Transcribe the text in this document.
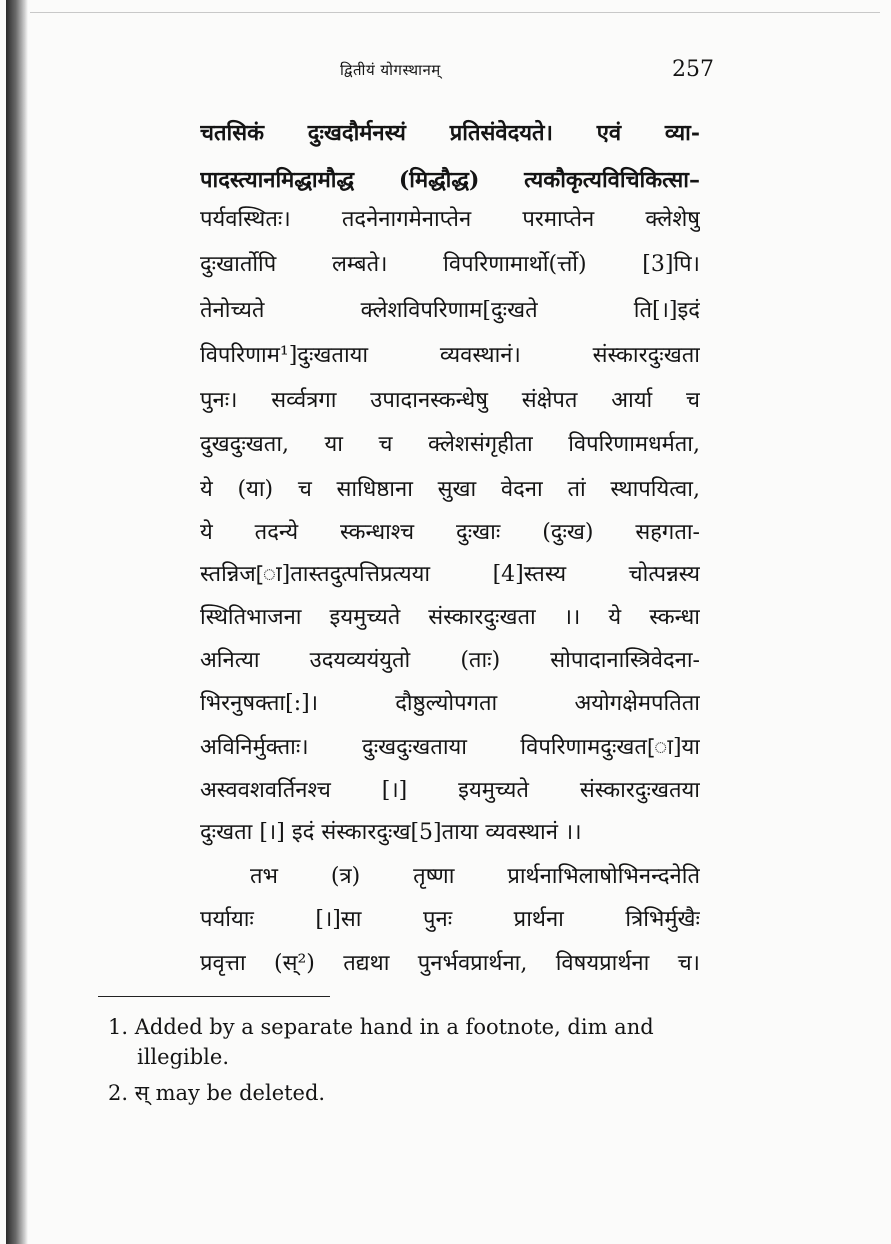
द्वितीयं योगस्थानम्	257
चतसिकं दुःखदौर्मनस्यं प्रतिसंवेदयते। एवं व्या-
पादस्त्यानमिद्धामौद्ध (मिद्धौद्ध) त्यकौकृत्यविचिकित्सा–
पर्यवस्थितः। तदनेनागमेनाप्तेन परमाप्तेन क्लेशेषु
दुःखार्तोपि लम्बते। विपरिणामार्थो(र्त्तो) [3]पि।
तेनोच्यते क्लेशविपरिणाम[दुःखते ति[।]इदं
विपरिणाम¹]दुःखताया व्यवस्थानं। संस्कारदुःखता
पुनः। सर्व्वत्रगा उपादानस्कन्धेषु संक्षेपत आर्या च
दुखदुःखता, या च क्लेशसंगृहीता विपरिणामधर्मता,
ये (या) च साधिष्ठाना सुखा वेदना तां स्थापयित्वा,
ये तदन्ये स्कन्धाश्च दुःखाः (दुःख) सहगता-
स्तन्निज[ा]तास्तदुत्पत्तिप्रत्यया [4]स्तस्य चोत्पन्नस्य
स्थितिभाजना इयमुच्यते संस्कारदुःखता ।। ये स्कन्धा
अनित्या उदयव्ययंयुतो (ताः) सोपादानास्त्रिवेदना-
भिरनुषक्ता[:]। दौष्ठुल्योपगता अयोगक्षेमपतिता
अविनिर्मुक्ताः। दुःखदुःखताया विपरिणामदुःखत[ा]या
अस्ववशवर्तिनश्च [।] इयमुच्यते संस्कारदुःखतया
दुःखता [।] इदं संस्कारदुःख[5]ताया व्यवस्थानं ।।
तभ (त्र) तृष्णा प्रार्थनाभिलाषोभिनन्दनेति
पर्यायाः [।]सा पुनः प्रार्थना त्रिभिर्मुखैः
प्रवृत्ता (स्²) तद्यथा पुनर्भवप्रार्थना, विषयप्रार्थना च।
1. Added by a separate hand in a footnote, dim and
illegible.
2. स् may be deleted.
